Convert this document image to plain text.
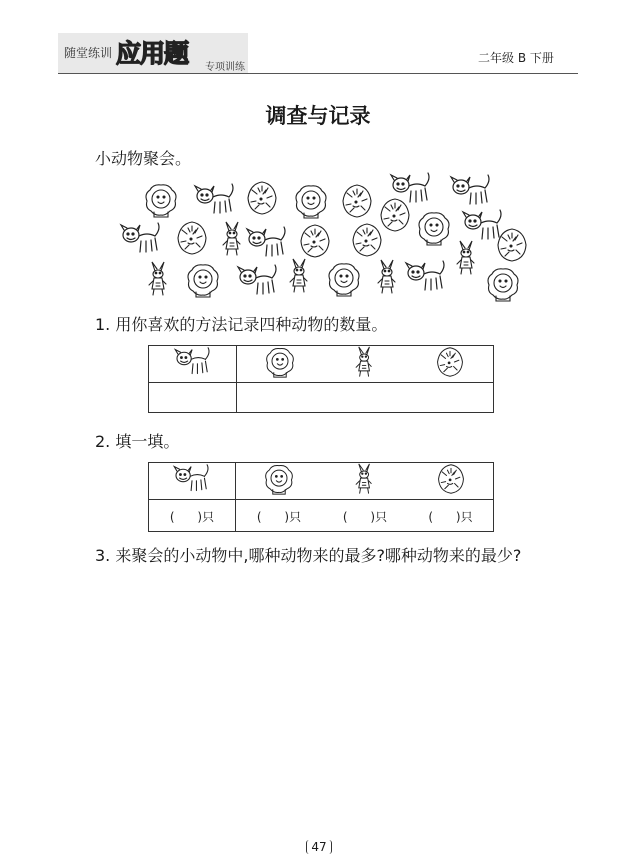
随堂练训 应用题 专项训练
二年级 B 下册
调查与记录
小动物聚会。
1. 用你喜欢的方法记录四种动物的数量。

2. 填一填。

(      )只	(      )只	(      )只	(      )只
3. 来聚会的小动物中,哪种动物来的最多?哪种动物来的最少?
47
